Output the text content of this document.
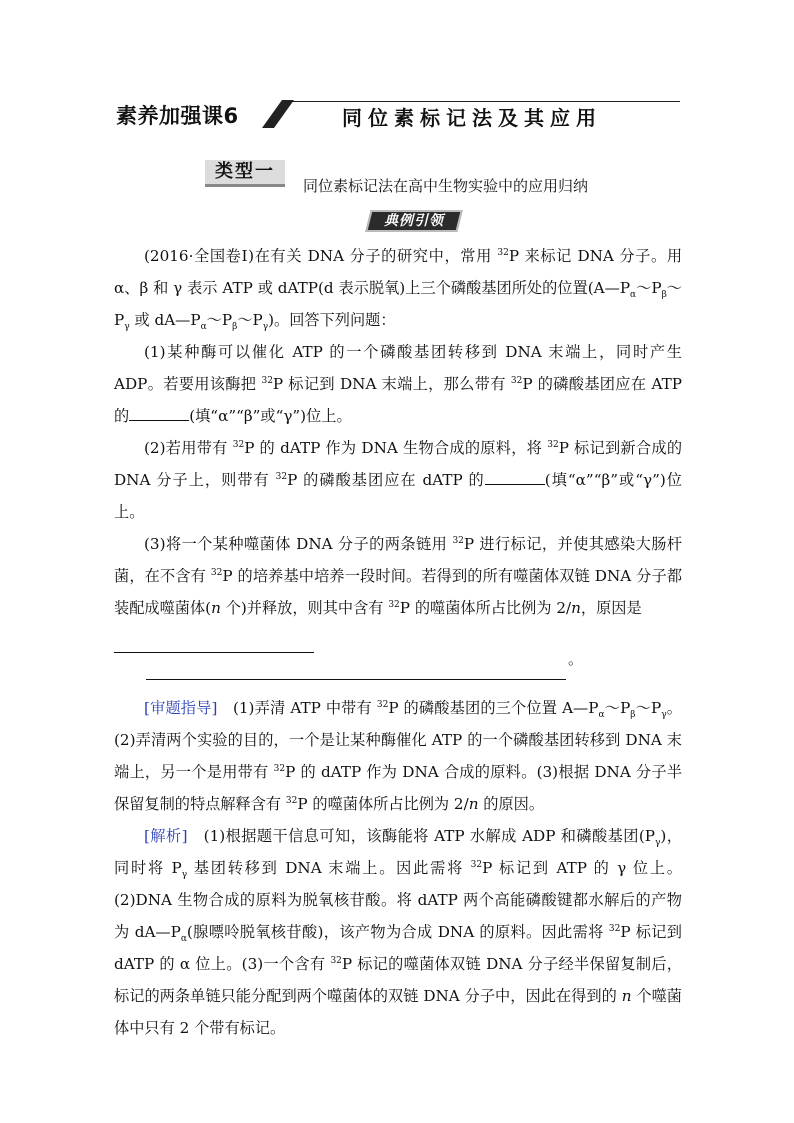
素养加强课6	同位素标记法及其应用
类型一
同位素标记法在高中生物实验中的应用归纳
典例引领

(2016·全国卷Ⅰ)在有关 DNA 分子的研究中，常用 $^{32}$P 来标记 DNA 分子。用 α、β 和 γ 表示 ATP 或 dATP(d 表示脱氧)上三个磷酸基团所处的位置($A—P_\alpha\sim P_\beta\sim P_\gamma$ 或 $dA—P_\alpha\sim P_\beta\sim P_\gamma$)。回答下列问题：

(1)某种酶可以催化 ATP 的一个磷酸基团转移到 DNA 末端上，同时产生 ADP。若要用该酶把 $^{32}$P 标记到 DNA 末端上，那么带有 $^{32}$P 的磷酸基团应在 ATP 的	(填“α”“β”或“γ”)位上。

(2)若用带有 $^{32}$P 的 dATP 作为 DNA 生物合成的原料，将 $^{32}$P 标记到新合成的 DNA 分子上，则带有 $^{32}$P 的磷酸基团应在 dATP 的	(填“α”“β”或“γ”)位上。

(3)将一个某种噬菌体 DNA 分子的两条链用 $^{32}$P 进行标记，并使其感染大肠杆菌，在不含有 $^{32}$P 的培养基中培养一段时间。若得到的所有噬菌体双链 DNA 分子都装配成噬菌体(n 个)并释放，则其中含有 $^{32}$P 的噬菌体所占比例为 2/n，原因是

[审题指导]　(1)弄清 ATP 中带有 $^{32}$P 的磷酸基团的三个位置 $A—P_\alpha\sim P_\beta\sim P_\gamma$。(2)弄清两个实验的目的，一个是让某种酶催化 ATP 的一个磷酸基团转移到 DNA 末端上，另一个是用带有 $^{32}$P 的 dATP 作为 DNA 合成的原料。(3)根据 DNA 分子半保留复制的特点解释含有 $^{32}$P 的噬菌体所占比例为 2/n 的原因。

[解析]　(1)根据题干信息可知，该酶能将 ATP 水解成 ADP 和磷酸基团$(P_\gamma)$，同时将 $P_\gamma$ 基团转移到 DNA 末端上。因此需将 $^{32}$P 标记到 ATP 的 γ 位上。(2)DNA 生物合成的原料为脱氧核苷酸。将 dATP 两个高能磷酸键都水解后的产物为 $dA—P_\alpha$(腺嘌呤脱氧核苷酸)，该产物为合成 DNA 的原料。因此需将 $^{32}$P 标记到 dATP 的 α 位上。(3)一个含有 $^{32}$P 标记的噬菌体双链 DNA 分子经半保留复制后，标记的两条单链只能分配到两个噬菌体的双链 DNA 分子中，因此在得到的 n 个噬菌体中只有 2 个带有标记。

。
